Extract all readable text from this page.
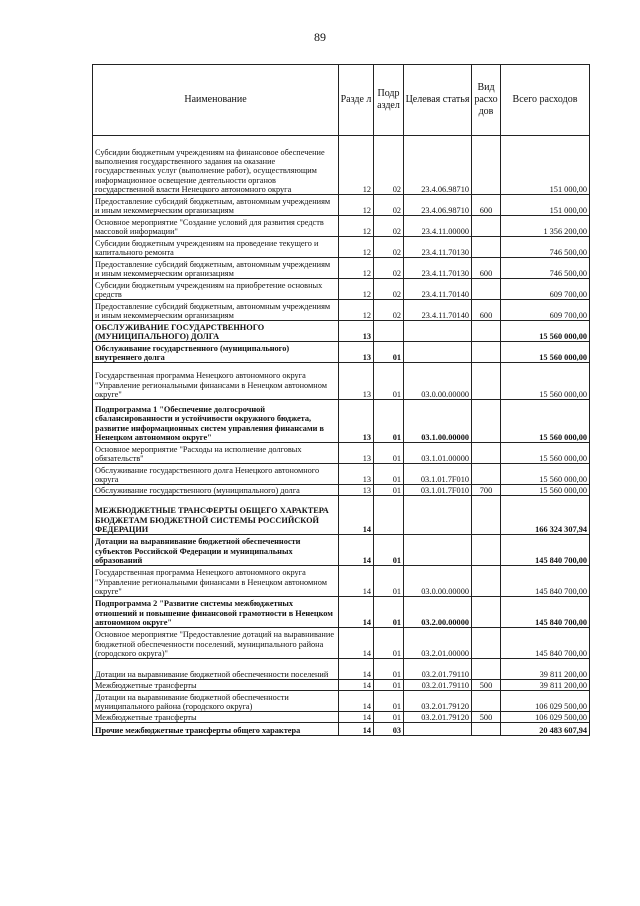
89
Наименование	Разде л	Подр аздел	Целевая статья	Вид расхо дов	Всего расходов
Субсидии бюджетным учреждениям на финансовое обеспечение выполнения государственного задания на оказание государственных услуг (выполнение работ), осуществляющим информационное освещение деятельности органов государственной власти Ненецкого автономного округа	12	02	23.4.06.98710		151 000,00
Предоставление субсидий бюджетным, автономным учреждениям и иным некоммерческим организациям	12	02	23.4.06.98710	600	151 000,00
Основное мероприятие "Создание условий для развития средств массовой информации"	12	02	23.4.11.00000		1 356 200,00
Субсидии бюджетным учреждениям на проведение текущего и капитального ремонта	12	02	23.4.11.70130		746 500,00
Предоставление субсидий бюджетным, автономным учреждениям и иным некоммерческим организациям	12	02	23.4.11.70130	600	746 500,00
Субсидии бюджетным учреждениям на приобретение основных средств	12	02	23.4.11.70140		609 700,00
Предоставление субсидий бюджетным, автономным учреждениям и иным некоммерческим организациям	12	02	23.4.11.70140	600	609 700,00
ОБСЛУЖИВАНИЕ ГОСУДАРСТВЕННОГО (МУНИЦИПАЛЬНОГО) ДОЛГА	13				15 560 000,00
Обслуживание государственного (муниципального) внутреннего долга	13	01			15 560 000,00
Государственная программа Ненецкого автономного округа "Управление региональными финансами в Ненецком автономном округе"	13	01	03.0.00.00000		15 560 000,00
Подпрограмма 1 "Обеспечение долгосрочной сбалансированности и устойчивости окружного бюджета, развитие информационных систем управления финансами в Ненецком автономном округе"	13	01	03.1.00.00000		15 560 000,00
Основное мероприятие "Расходы на исполнение долговых обязательств"	13	01	03.1.01.00000		15 560 000,00
Обслуживание государственного долга Ненецкого автономного округа	13	01	03.1.01.7F010		15 560 000,00
Обслуживание государственного (муниципального) долга	13	01	03.1.01.7F010	700	15 560 000,00
МЕЖБЮДЖЕТНЫЕ ТРАНСФЕРТЫ ОБЩЕГО ХАРАКТЕРА БЮДЖЕТАМ БЮДЖЕТНОЙ СИСТЕМЫ РОССИЙСКОЙ ФЕДЕРАЦИИ	14				166 324 307,94
Дотации на выравнивание бюджетной обеспеченности субъектов Российской Федерации и муниципальных образований	14	01			145 840 700,00
Государственная программа Ненецкого автономного округа "Управление региональными финансами в Ненецком автономном округе"	14	01	03.0.00.00000		145 840 700,00
Подпрограмма 2 "Развитие системы межбюджетных отношений и повышение финансовой грамотности в Ненецком автономном округе"	14	01	03.2.00.00000		145 840 700,00
Основное мероприятие "Предоставление дотаций на выравнивание бюджетной обеспеченности поселений, муниципального района (городского округа)"	14	01	03.2.01.00000		145 840 700,00
Дотации на выравнивание бюджетной обеспеченности поселений	14	01	03.2.01.79110		39 811 200,00
Межбюджетные трансферты	14	01	03.2.01.79110	500	39 811 200,00
Дотации на выравнивание бюджетной обеспеченности муниципального района (городского округа)	14	01	03.2.01.79120		106 029 500,00
Межбюджетные трансферты	14	01	03.2.01.79120	500	106 029 500,00
Прочие межбюджетные трансферты общего характера	14	03			20 483 607,94
